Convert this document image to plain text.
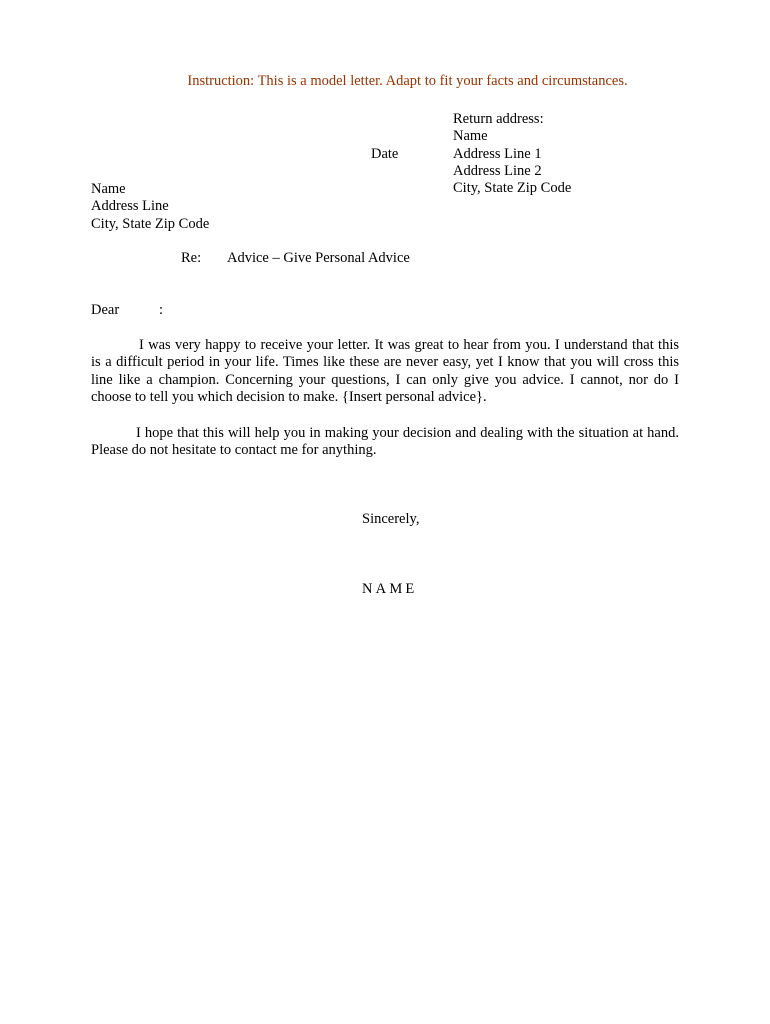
Instruction: This is a model letter. Adapt to fit your facts and circumstances.
Return address:
Name
Address Line 1
Address Line 2
City, State Zip Code
Date
Name
Address Line
City, State Zip Code
Re: Advice – Give Personal Advice
Dear	:
I was very happy to receive your letter. It was great to hear from you. I understand that this is a difficult period in your life. Times like these are never easy, yet I know that you will cross this line like a champion. Concerning your questions, I can only give you advice. I cannot, nor do I choose to tell you which decision to make. {Insert personal advice}.
I hope that this will help you in making your decision and dealing with the situation at hand. Please do not hesitate to contact me for anything.
Sincerely,
NAME
